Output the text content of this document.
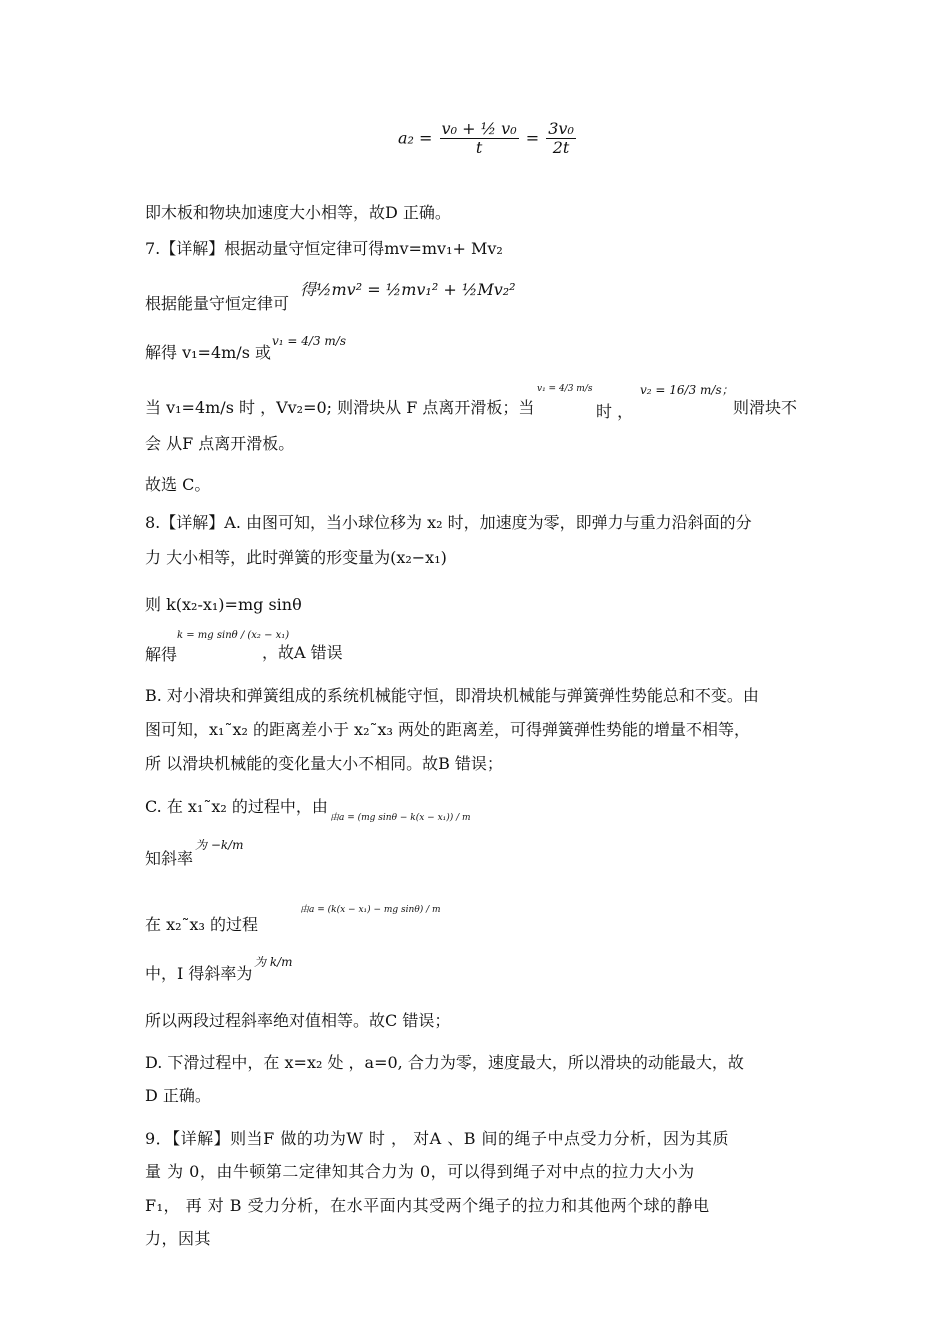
$a_2 = \frac{\text{v₀ + ½ v₀}}{t} = \frac{\text{3v₀}}{2t}$
即木板和物块加速度大小相等，故D 正确。
7.【详解】根据动量守恒定律可得mv=mv₁+ Mv₂
根据能量守恒定律可
得½mv² = ½mv₁² + ½Mv₂²
解得 v₁=4m/s 或
v₁ = 4/3 m/s
当 v₁=4m/s 时 ，Vv₂=0; 则滑块从 F 点离开滑板；当
v₁ = 4/3 m/s
时 ，
v₂ = 16/3 m/s；
则滑块不
会 从F 点离开滑板。
故选 C。
8.【详解】A. 由图可知，当小球位移为 x₂ 时，加速度为零，即弹力与重力沿斜面的分
力 大小相等，此时弹簧的形变量为(x₂−x₁)
则 k(x₂-x₁)=mg sinθ
解得
k = mg sinθ / (x₂ − x₁)
，故A 错误
B. 对小滑块和弹簧组成的系统机械能守恒，即滑块机械能与弹簧弹性势能总和不变。由
图可知，x₁˜x₂ 的距离差小于 x₂˜x₃ 两处的距离差，可得弹簧弹性势能的增量不相等，
所 以滑块机械能的变化量大小不相同。故B 错误；
C. 在 x₁˜x₂ 的过程中，由
由a = (mg sinθ − k(x − x₁)) / m
知斜率
为 −k/m
在 x₂˜x₃ 的过程
由a = (k(x − x₁) − mg sinθ) / m
中，I 得斜率为
为 k/m
所以两段过程斜率绝对值相等。故C 错误；
D. 下滑过程中，在 x=x₂ 处 ，a=0, 合力为零，速度最大，所以滑块的动能最大，故
D 正确。
9．【详解】则当F 做的功为W 时 ， 对A 、B 间的绳子中点受力分析，因为其质
量 为 0，由牛顿第二定律知其合力为 0，可以得到绳子对中点的拉力大小为
F₁， 再 对 B 受力分析，在水平面内其受两个绳子的拉力和其他两个球的静电
力，因其
